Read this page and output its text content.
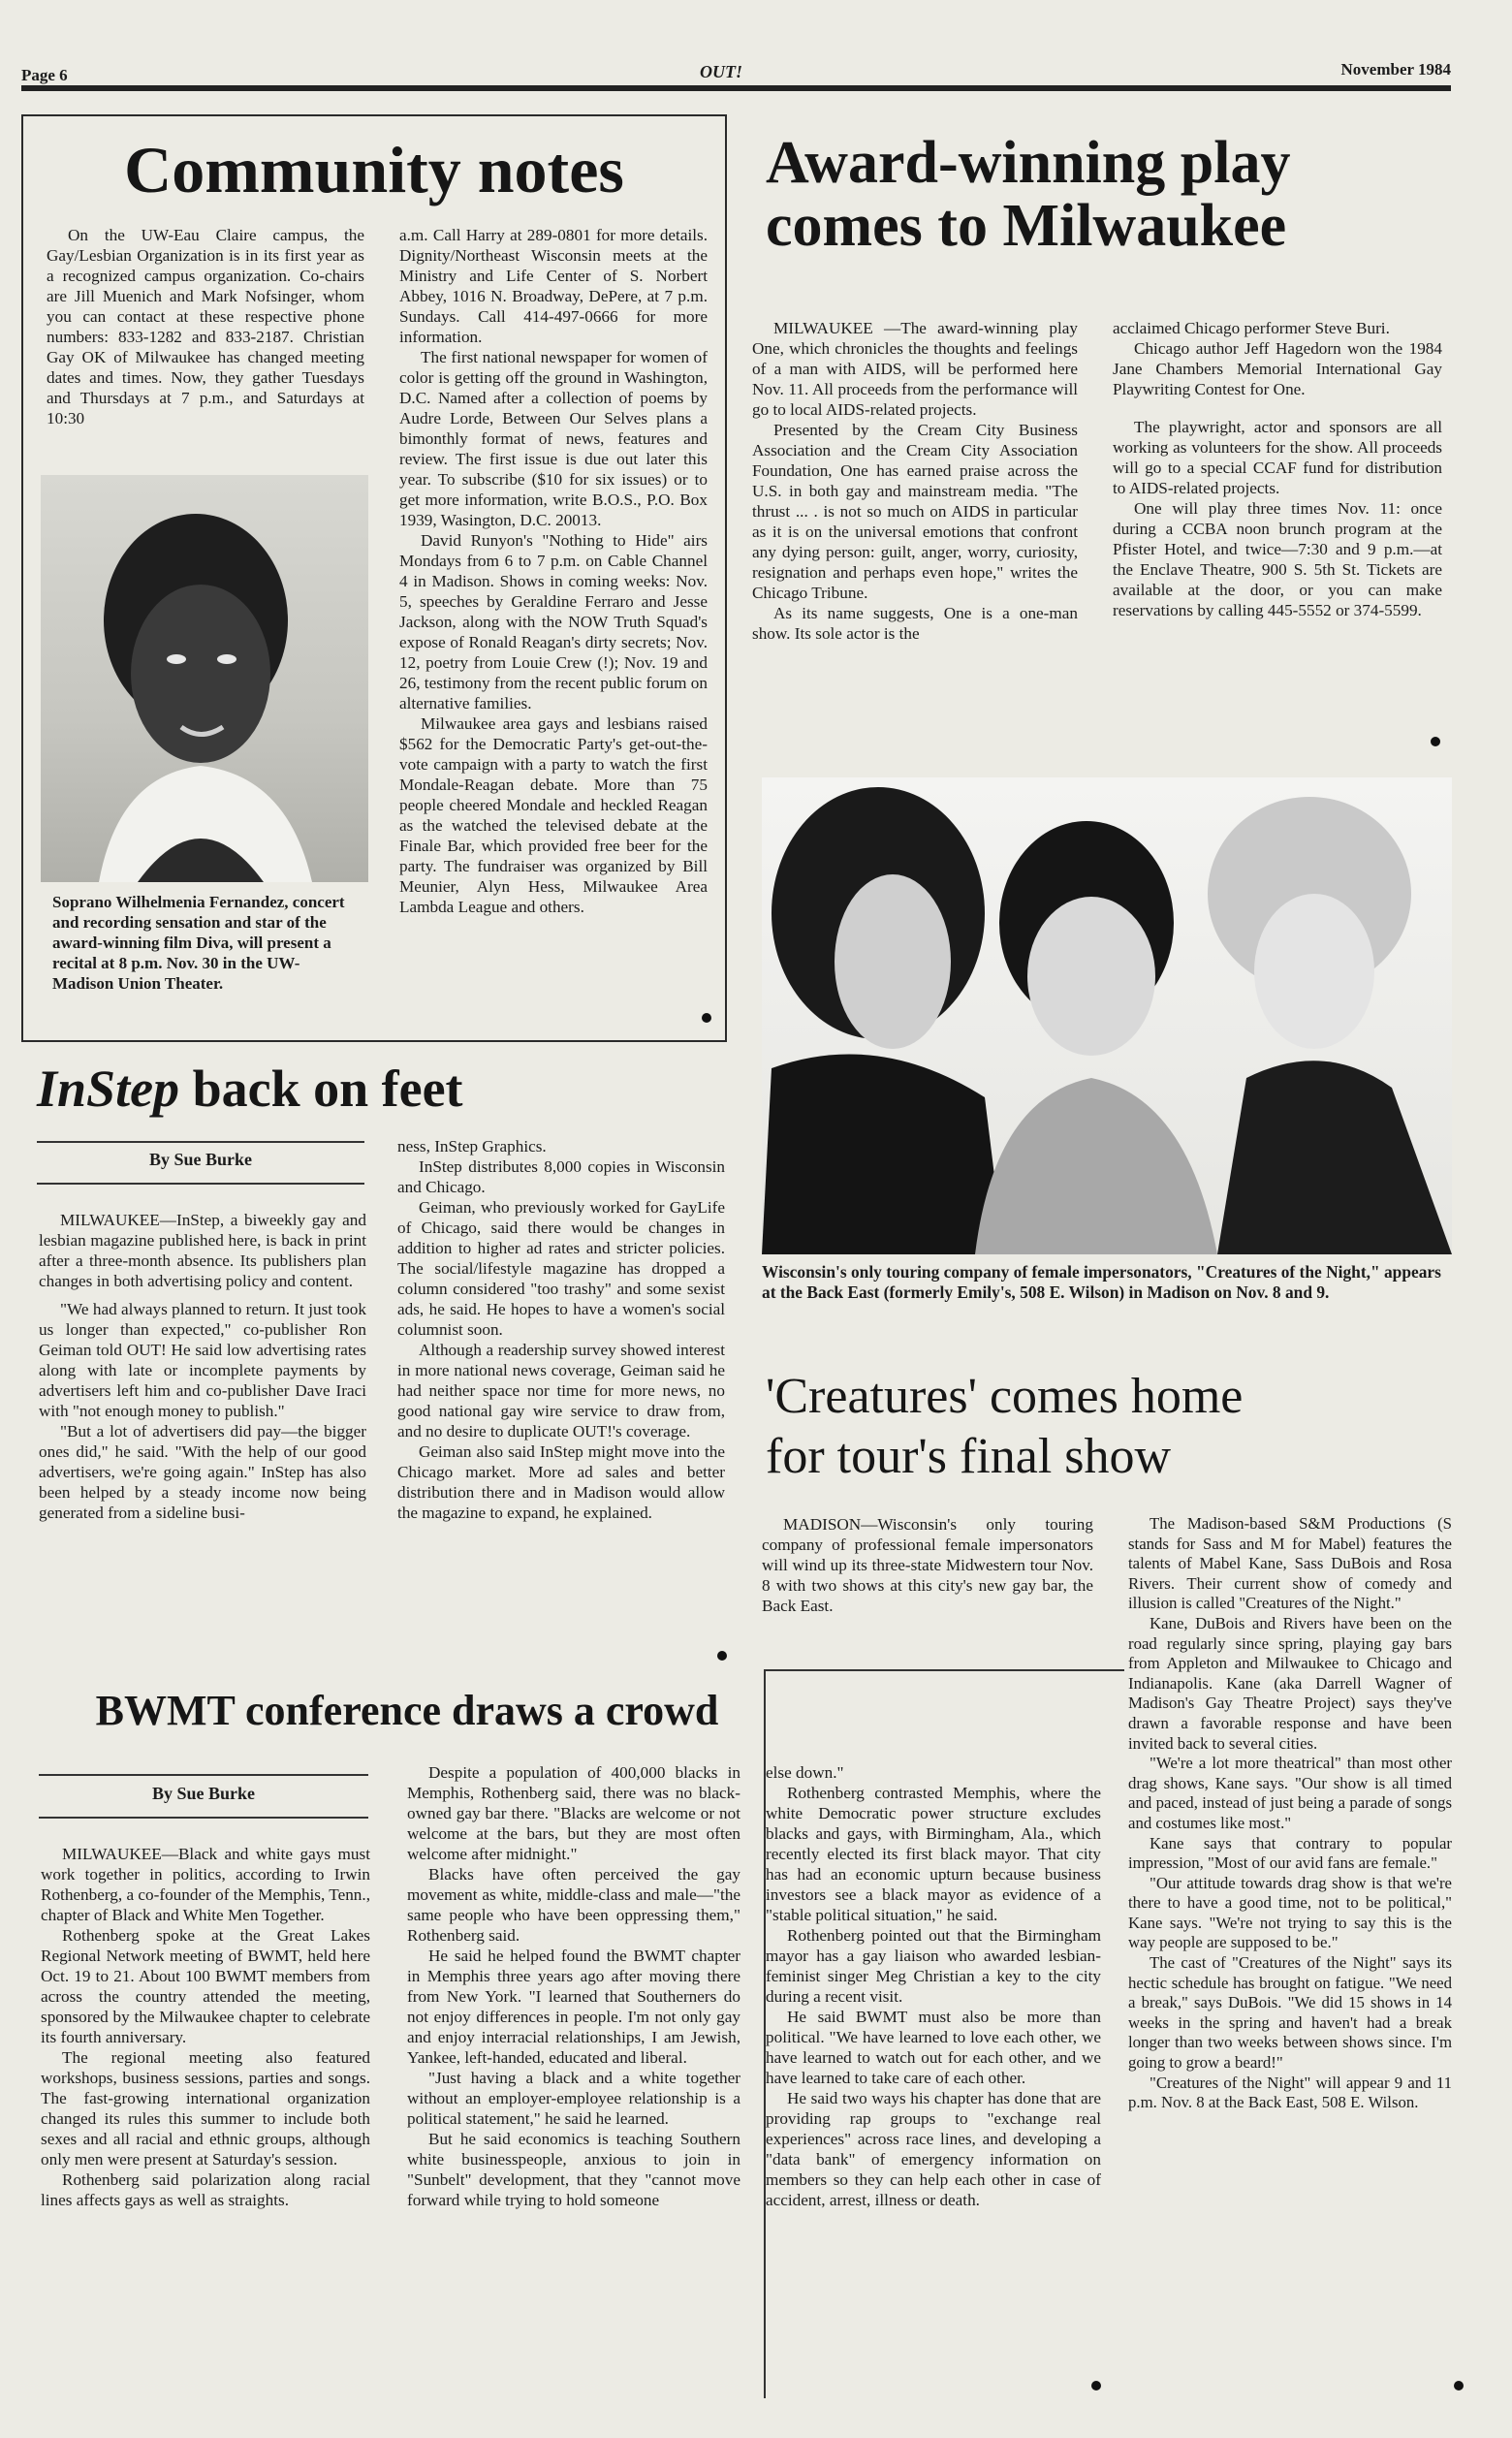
Page 6	OUT!	November 1984
Community notes

On the UW-Eau Claire campus, the Gay/Lesbian Organization is in its first year as a recognized campus organization. Co-chairs are Jill Muenich and Mark Nofsinger, whom you can contact at these respective phone numbers: 833-1282 and 833-2187. Christian Gay OK of Milwaukee has changed meeting dates and times. Now, they gather Tuesdays and Thursdays at 7 p.m., and Saturdays at 10:30

Soprano Wilhelmenia Fernandez, concert and recording sensation and star of the award-winning film Diva, will present a recital at 8 p.m. Nov. 30 in the UW-Madison Union Theater.

a.m. Call Harry at 289-0801 for more details. Dignity/Northeast Wisconsin meets at the Ministry and Life Center of S. Norbert Abbey, 1016 N. Broadway, DePere, at 7 p.m. Sundays. Call 414-497-0666 for more information.

The first national newspaper for women of color is getting off the ground in Washington, D.C. Named after a collection of poems by Audre Lorde, Between Our Selves plans a bimonthly format of news, features and review. The first issue is due out later this year. To subscribe ($10 for six issues) or to get more information, write B.O.S., P.O. Box 1939, Wasington, D.C. 20013.

David Runyon's "Nothing to Hide" airs Mondays from 6 to 7 p.m. on Cable Channel 4 in Madison. Shows in coming weeks: Nov. 5, speeches by Geraldine Ferraro and Jesse Jackson, along with the NOW Truth Squad's expose of Ronald Reagan's dirty secrets; Nov. 12, poetry from Louie Crew (!); Nov. 19 and 26, testimony from the recent public forum on alternative families.

Milwaukee area gays and lesbians raised $562 for the Democratic Party's get-out-the-vote campaign with a party to watch the first Mondale-Reagan debate. More than 75 people cheered Mondale and heckled Reagan as the watched the televised debate at the Finale Bar, which provided free beer for the party. The fundraiser was organized by Bill Meunier, Alyn Hess, Milwaukee Area Lambda League and others.

Award-winning play
comes to Milwaukee

MILWAUKEE —The award-winning play One, which chronicles the thoughts and feelings of a man with AIDS, will be performed here Nov. 11. All proceeds from the performance will go to local AIDS-related projects.

Presented by the Cream City Business Association and the Cream City Association Foundation, One has earned praise across the U.S. in both gay and mainstream media. "The thrust ... . is not so much on AIDS in particular as it is on the universal emotions that confront any dying person: guilt, anger, worry, curiosity, resignation and perhaps even hope," writes the Chicago Tribune.

As its name suggests, One is a one-man show. Its sole actor is the

acclaimed Chicago performer Steve Buri.

Chicago author Jeff Hagedorn won the 1984 Jane Chambers Memorial International Gay Playwriting Contest for One.

The playwright, actor and sponsors are all working as volunteers for the show. All proceeds will go to a special CCAF fund for distribution to AIDS-related projects.

One will play three times Nov. 11: once during a CCBA noon brunch program at the Pfister Hotel, and twice—7:30 and 9 p.m.—at the Enclave Theatre, 900 S. 5th St. Tickets are available at the door, or you can make reservations by calling 445-5552 or 374-5599.

Wisconsin's only touring company of female impersonators, "Creatures of the Night," appears at the Back East (formerly Emily's, 508 E. Wilson) in Madison on Nov. 8 and 9.
InStep back on feet
By Sue Burke

MILWAUKEE—InStep, a biweekly gay and lesbian magazine published here, is back in print after a three-month absence. Its publishers plan changes in both advertising policy and content.

"We had always planned to return. It just took us longer than expected," co-publisher Ron Geiman told OUT! He said low advertising rates along with late or incomplete payments by advertisers left him and co-publisher Dave Iraci with "not enough money to publish."

"But a lot of advertisers did pay—the bigger ones did," he said. "With the help of our good advertisers, we're going again." InStep has also been helped by a steady income now being generated from a sideline busi-

ness, InStep Graphics.

InStep distributes 8,000 copies in Wisconsin and Chicago.

Geiman, who previously worked for GayLife of Chicago, said there would be changes in addition to higher ad rates and stricter policies. The social/lifestyle magazine has dropped a column considered "too trashy" and some sexist ads, he said. He hopes to have a women's social columnist soon.

Although a readership survey showed interest in more national news coverage, Geiman said he had neither space nor time for more news, no good national gay wire service to draw from, and no desire to duplicate OUT!'s coverage.

Geiman also said InStep might move into the Chicago market. More ad sales and better distribution there and in Madison would allow the magazine to expand, he explained.

'Creatures' comes home
for tour's final show

MADISON—Wisconsin's only touring company of professional female impersonators will wind up its three-state Midwestern tour Nov. 8 with two shows at this city's new gay bar, the Back East.

The Madison-based S&M Productions (S stands for Sass and M for Mabel) features the talents of Mabel Kane, Sass DuBois and Rosa Rivers. Their current show of comedy and illusion is called "Creatures of the Night."

Kane, DuBois and Rivers have been on the road regularly since spring, playing gay bars from Appleton and Milwaukee to Chicago and Indianapolis. Kane (aka Darrell Wagner of Madison's Gay Theatre Project) says they've drawn a favorable response and have been invited back to several cities.

"We're a lot more theatrical" than most other drag shows, Kane says. "Our show is all timed and paced, instead of just being a parade of songs and costumes like most."

Kane says that contrary to popular impression, "Most of our avid fans are female."

"Our attitude towards drag show is that we're there to have a good time, not to be political," Kane says. "We're not trying to say this is the way people are supposed to be."

The cast of "Creatures of the Night" says its hectic schedule has brought on fatigue. "We need a break," says DuBois. "We did 15 shows in 14 weeks in the spring and haven't had a break longer than two weeks between shows since. I'm going to grow a beard!"

"Creatures of the Night" will appear 9 and 11 p.m. Nov. 8 at the Back East, 508 E. Wilson.

BWMT conference draws a crowd
By Sue Burke

MILWAUKEE—Black and white gays must work together in politics, according to Irwin Rothenberg, a co-founder of the Memphis, Tenn., chapter of Black and White Men Together.

Rothenberg spoke at the Great Lakes Regional Network meeting of BWMT, held here Oct. 19 to 21. About 100 BWMT members from across the country attended the meeting, sponsored by the Milwaukee chapter to celebrate its fourth anniversary.

The regional meeting also featured workshops, business sessions, parties and songs. The fast-growing international organization changed its rules this summer to include both sexes and all racial and ethnic groups, although only men were present at Saturday's session.

Rothenberg said polarization along racial lines affects gays as well as straights.

Despite a population of 400,000 blacks in Memphis, Rothenberg said, there was no black-owned gay bar there. "Blacks are welcome or not welcome at the bars, but they are most often welcome after midnight."

Blacks have often perceived the gay movement as white, middle-class and male—"the same people who have been oppressing them," Rothenberg said.

He said he helped found the BWMT chapter in Memphis three years ago after moving there from New York. "I learned that Southerners do not enjoy differences in people. I'm not only gay and enjoy interracial relationships, I am Jewish, Yankee, left-handed, educated and liberal.

"Just having a black and a white together without an employer-employee relationship is a political statement," he said he learned.

But he said economics is teaching Southern white businesspeople, anxious to join in "Sunbelt" development, that they "cannot move forward while trying to hold someone

else down."

Rothenberg contrasted Memphis, where the white Democratic power structure excludes blacks and gays, with Birmingham, Ala., which recently elected its first black mayor. That city has had an economic upturn because business investors see a black mayor as evidence of a "stable political situation," he said.

Rothenberg pointed out that the Birmingham mayor has a gay liaison who awarded lesbian-feminist singer Meg Christian a key to the city during a recent visit.

He said BWMT must also be more than political. "We have learned to love each other, we have learned to watch out for each other, and we have learned to take care of each other.

He said two ways his chapter has done that are providing rap groups to "exchange real experiences" across race lines, and developing a "data bank" of emergency information on members so they can help each other in case of accident, arrest, illness or death.
